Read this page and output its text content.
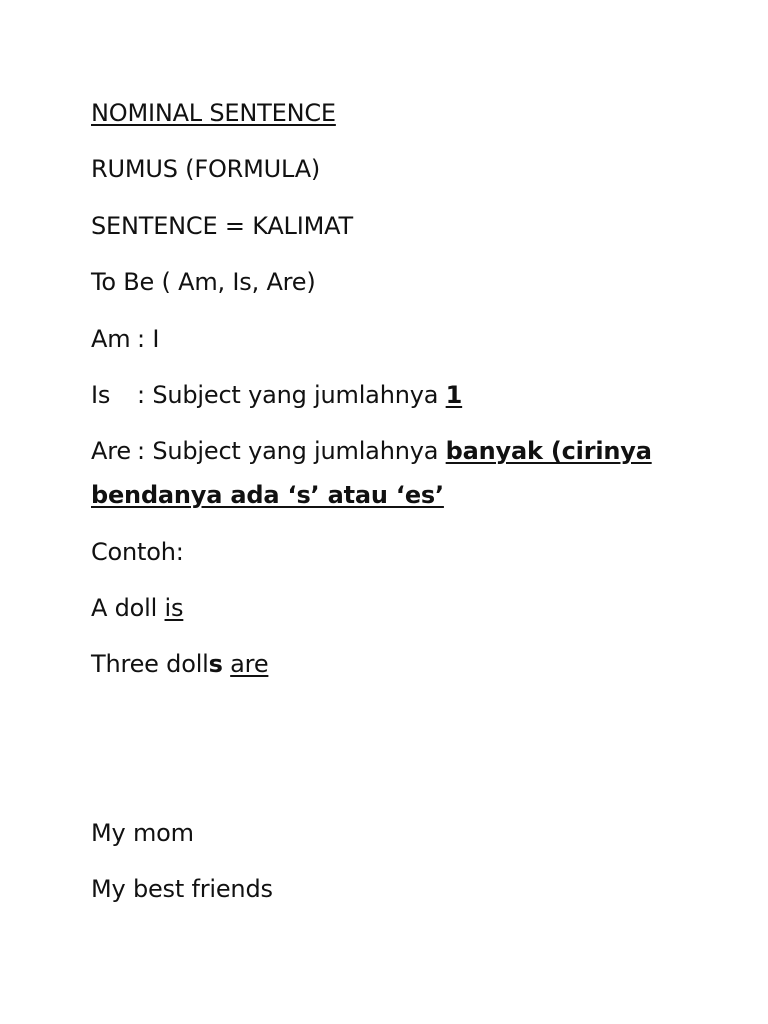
NOMINAL SENTENCE
RUMUS (FORMULA)
SENTENCE = KALIMAT
To Be ( Am, Is, Are)
Am : I
Is : Subject yang jumlahnya 1
Are : Subject yang jumlahnya banyak (cirinya
bendanya ada ‘s’ atau ‘es’
Contoh:
A doll is
Three dolls are
My mom
My best friends
